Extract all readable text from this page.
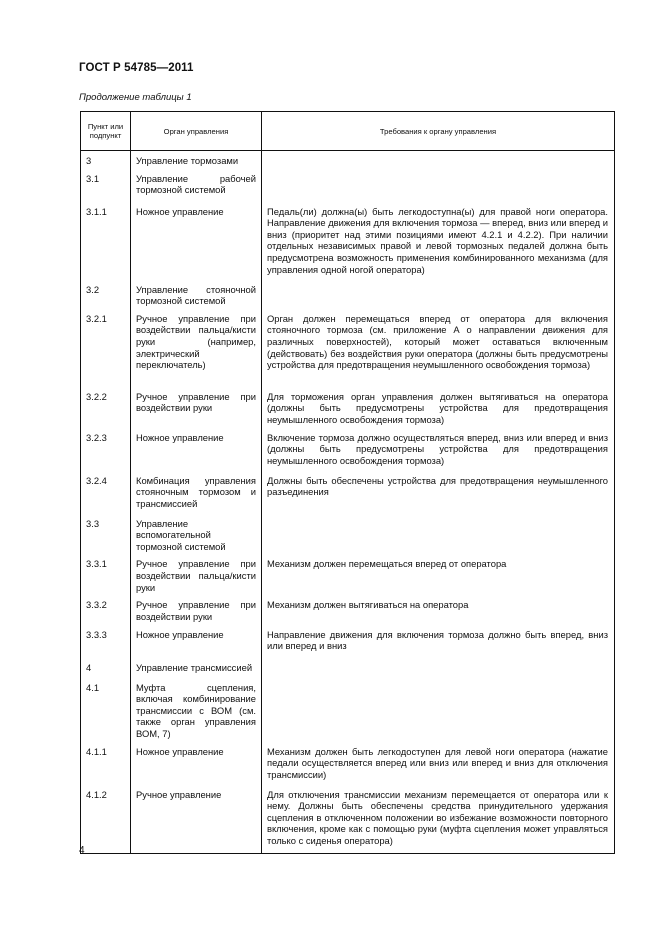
ГОСТ Р 54785—2011
Продолжение таблицы 1
Пункт или подпункт	Орган управления	Требования к органу управления
3	Управление тормозами	
3.1	Управление рабочей тормозной системой	
3.1.1	Ножное управление	Педаль(ли) должна(ы) быть легкодоступна(ы) для правой ноги оператора. Направление движения для включения тормоза — вперед, вниз или вперед и вниз (приоритет над этими позициями имеют 4.2.1 и 4.2.2). При наличии отдельных независимых правой и левой тормозных педалей должна быть предусмотрена возможность применения комбинированного механизма (для управления одной ногой оператора)
3.2	Управление стояночной тормозной системой	
3.2.1	Ручное управление при воздействии пальца/кисти руки (например, электрический переключатель)	Орган должен перемещаться вперед от оператора для включения стояночного тормоза (см. приложение А о направлении движения для различных поверхностей), который может оставаться включенным (действовать) без воздействия руки оператора (должны быть предусмотрены устройства для предотвращения неумышленного освобождения тормоза)
3.2.2	Ручное управление при воздействии руки	Для торможения орган управления должен вытягиваться на оператора (должны быть предусмотрены устройства для предотвращения неумышленного освобождения тормоза)
3.2.3	Ножное управление	Включение тормоза должно осуществляться вперед, вниз или вперед и вниз (должны быть предусмотрены устройства для предотвращения неумышленного освобождения тормоза)
3.2.4	Комбинация управления стояночным тормозом и трансмиссией	Должны быть обеспечены устройства для предотвращения неумышленного разъединения
3.3	Управление вспомогательной тормозной системой	
3.3.1	Ручное управление при воздействии пальца/кисти руки	Механизм должен перемещаться вперед от оператора
3.3.2	Ручное управление при воздействии руки	Механизм должен вытягиваться на оператора
3.3.3	Ножное управление	Направление движения для включения тормоза должно быть вперед, вниз или вперед и вниз
4	Управление трансмиссией	
4.1	Муфта сцепления, включая комбинирование трансмиссии с ВОМ (см. также орган управления ВОМ, 7)	
4.1.1	Ножное управление	Механизм должен быть легкодоступен для левой ноги оператора (нажатие педали осуществляется вперед или вниз или вперед и вниз для отключения трансмиссии)
4.1.2	Ручное управление	Для отключения трансмиссии механизм перемещается от оператора или к нему. Должны быть обеспечены средства принудительного удержания сцепления в отключенном положении во избежание возможности повторного включения, кроме как с помощью руки (муфта сцепления может управляться только с сиденья оператора)
4
